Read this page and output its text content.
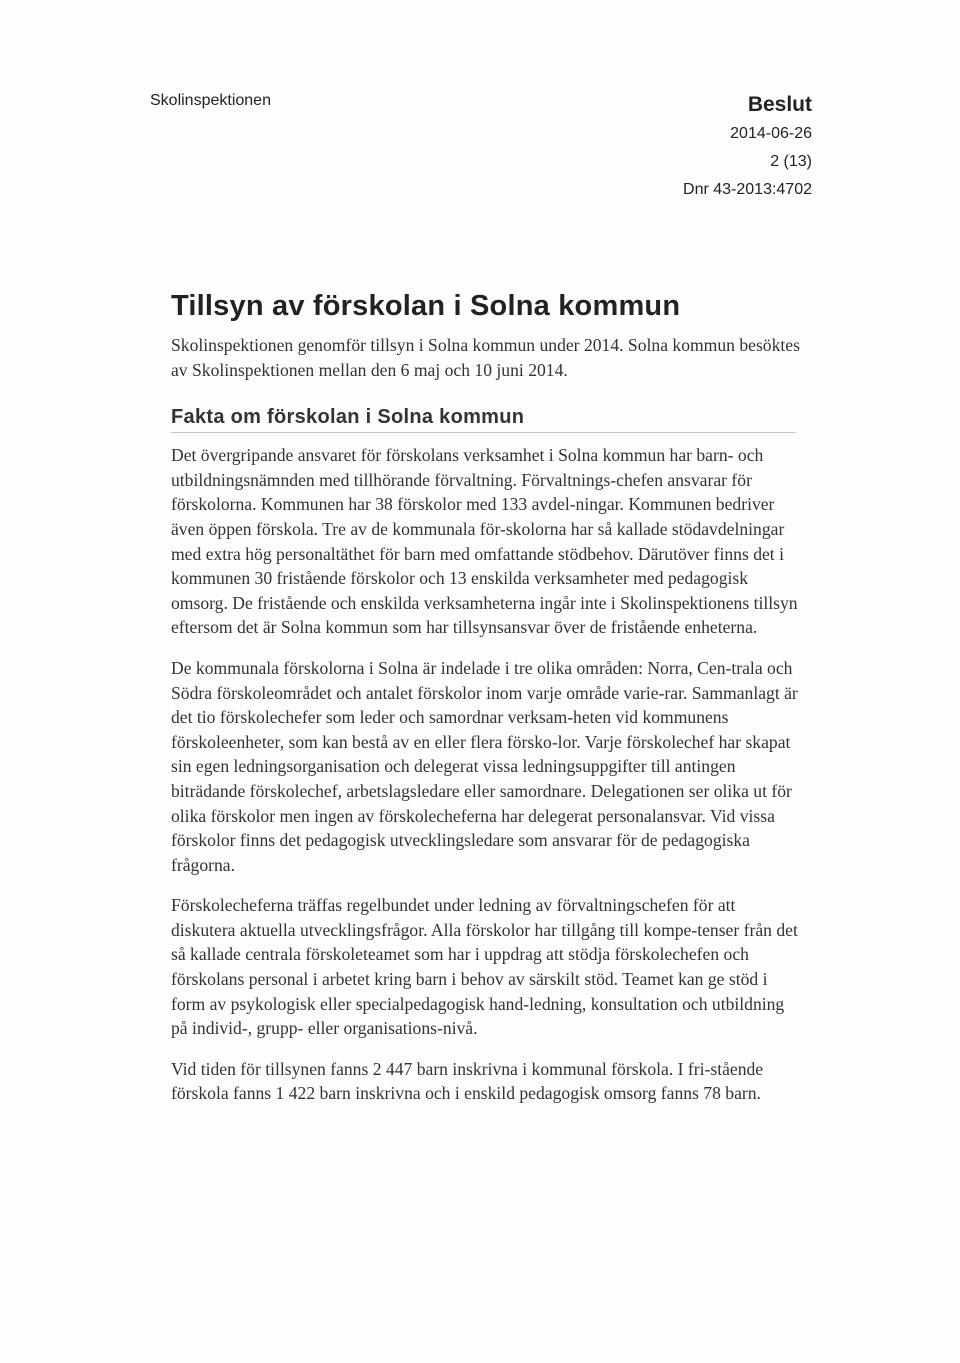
Skolinspektionen	Beslut
2014-06-26
2 (13)
Dnr 43-2013:4702
Tillsyn av förskolan i Solna kommun

Skolinspektionen genomför tillsyn i Solna kommun under 2014. Solna kommun besöktes av Skolinspektionen mellan den 6 maj och 10 juni 2014.

Fakta om förskolan i Solna kommun

Det övergripande ansvaret för förskolans verksamhet i Solna kommun har barn- och utbildningsnämnden med tillhörande förvaltning. Förvaltnings-chefen ansvarar för förskolorna. Kommunen har 38 förskolor med 133 avdel-ningar. Kommunen bedriver även öppen förskola. Tre av de kommunala för-skolorna har så kallade stödavdelningar med extra hög personaltäthet för barn med omfattande stödbehov. Därutöver finns det i kommunen 30 fristående förskolor och 13 enskilda verksamheter med pedagogisk omsorg. De fristående och enskilda verksamheterna ingår inte i Skolinspektionens tillsyn eftersom det är Solna kommun som har tillsynsansvar över de fristående enheterna.

De kommunala förskolorna i Solna är indelade i tre olika områden: Norra, Cen-trala och Södra förskoleområdet och antalet förskolor inom varje område varie-rar. Sammanlagt är det tio förskolechefer som leder och samordnar verksam-heten vid kommunens förskoleenheter, som kan bestå av en eller flera försko-lor. Varje förskolechef har skapat sin egen ledningsorganisation och delegerat vissa ledningsuppgifter till antingen biträdande förskolechef, arbetslagsledare eller samordnare. Delegationen ser olika ut för olika förskolor men ingen av förskolecheferna har delegerat personalansvar. Vid vissa förskolor finns det pedagogisk utvecklingsledare som ansvarar för de pedagogiska frågorna.

Förskolecheferna träffas regelbundet under ledning av förvaltningschefen för att diskutera aktuella utvecklingsfrågor. Alla förskolor har tillgång till kompe-tenser från det så kallade centrala förskoleteamet som har i uppdrag att stödja förskolechefen och förskolans personal i arbetet kring barn i behov av särskilt stöd. Teamet kan ge stöd i form av psykologisk eller specialpedagogisk hand-ledning, konsultation och utbildning på individ-, grupp- eller organisations-nivå.

Vid tiden för tillsynen fanns 2 447 barn inskrivna i kommunal förskola. I fri-stående förskola fanns 1 422 barn inskrivna och i enskild pedagogisk omsorg fanns 78 barn.
